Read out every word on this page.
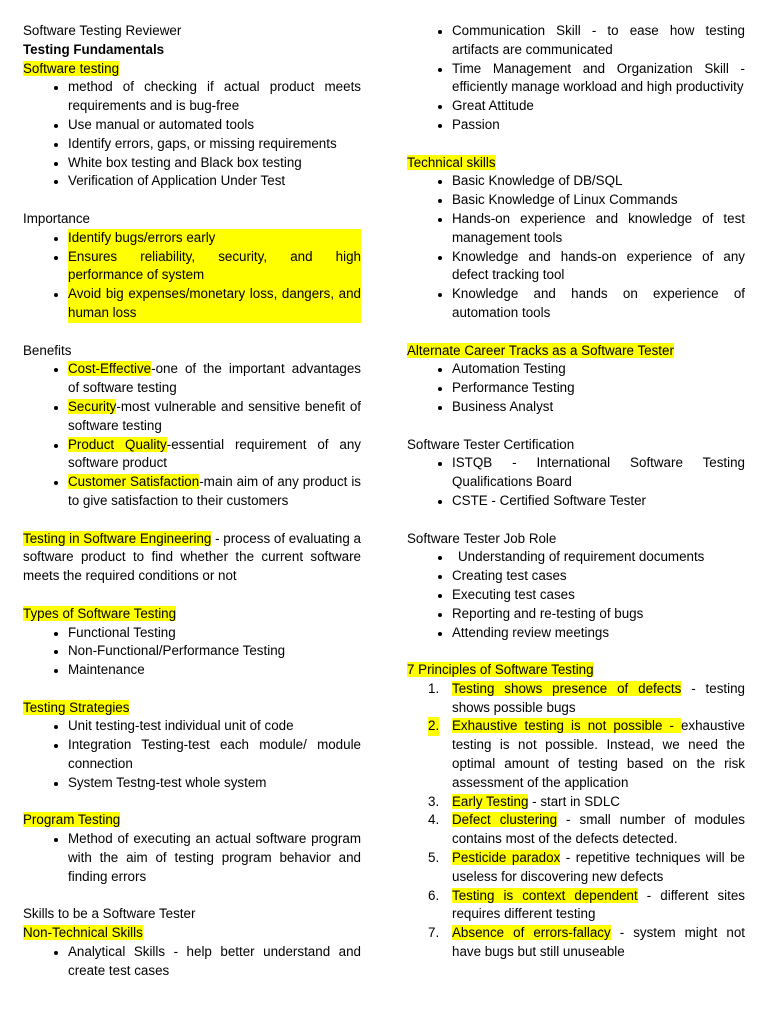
Software Testing Reviewer

Testing Fundamentals

Software testing

• method of checking if actual product meets requirements and is bug-free
• Use manual or automated tools
• Identify errors, gaps, or missing requirements
• White box testing and Black box testing
• Verification of Application Under Test

Importance

• Identify bugs/errors early
• Ensures reliability, security, and high performance of system
• Avoid big expenses/monetary loss, dangers, and human loss

Benefits

• Cost-Effective-one of the important advantages of software testing
• Security-most vulnerable and sensitive benefit of software testing
• Product Quality-essential requirement of any software product
• Customer Satisfaction-main aim of any product is to give satisfaction to their customers

Testing in Software Engineering - process of evaluating a software product to find whether the current software meets the required conditions or not

Types of Software Testing

• Functional Testing
• Non-Functional/Performance Testing
• Maintenance

Testing Strategies

• Unit testing-test individual unit of code
• Integration Testing-test each module/ module connection
• System Testng-test whole system

Program Testing

• Method of executing an actual software program with the aim of testing program behavior and finding errors

Skills to be a Software Tester

Non-Technical Skills

• Analytical Skills - help better understand and create test cases
• Communication Skill - to ease how testing artifacts are communicated
• Time Management and Organization Skill - efficiently manage workload and high productivity
• Great Attitude
• Passion

Technical skills

• Basic Knowledge of DB/SQL
• Basic Knowledge of Linux Commands
• Hands-on experience and knowledge of test management tools
• Knowledge and hands-on experience of any defect tracking tool
• Knowledge and hands on experience of automation tools

Alternate Career Tracks as a Software Tester

• Automation Testing
• Performance Testing
• Business Analyst

Software Tester Certification

• ISTQB - International Software Testing Qualifications Board
• CSTE - Certified Software Tester

Software Tester Job Role

• Understanding of requirement documents
• Creating test cases
• Executing test cases
• Reporting and re-testing of bugs
• Attending review meetings

7 Principles of Software Testing

1. Testing shows presence of defects - testing shows possible bugs
2. Exhaustive testing is not possible - exhaustive testing is not possible. Instead, we need the optimal amount of testing based on the risk assessment of the application
3. Early Testing - start in SDLC
4. Defect clustering - small number of modules contains most of the defects detected.
5. Pesticide paradox - repetitive techniques will be useless for discovering new defects
6. Testing is context dependent - different sites requires different testing
7. Absence of errors-fallacy - system might not have bugs but still unuseable
